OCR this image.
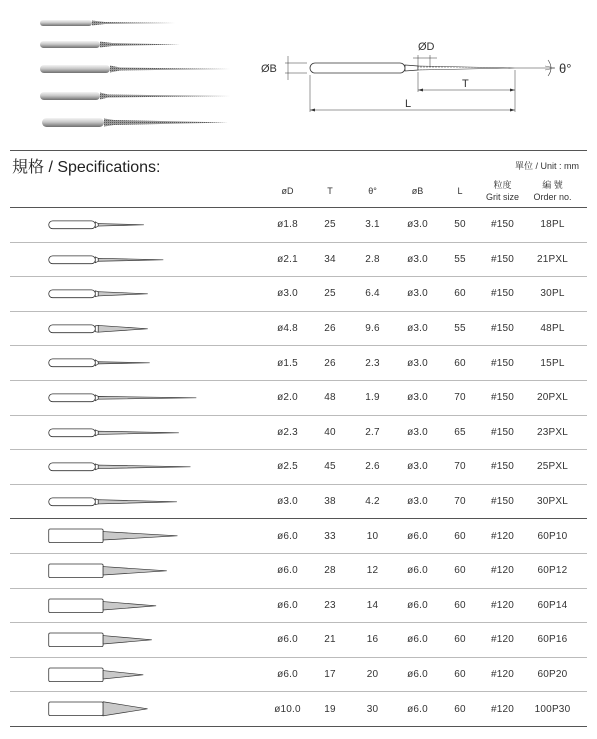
ØB
ØD
θ°
T
L
規格 / Specifications:	單位 / Unit : mm
øD	T	θ°	øB	L
粒度
Grit size
編 號
Order no.
ø1.8	25	3.1	ø3.0	50	#150	18PL
ø2.1	34	2.8	ø3.0	55	#150	21PXL
ø3.0	25	6.4	ø3.0	60	#150	30PL
ø4.8	26	9.6	ø3.0	55	#150	48PL
ø1.5	26	2.3	ø3.0	60	#150	15PL
ø2.0	48	1.9	ø3.0	70	#150	20PXL
ø2.3	40	2.7	ø3.0	65	#150	23PXL
ø2.5	45	2.6	ø3.0	70	#150	25PXL
ø3.0	38	4.2	ø3.0	70	#150	30PXL
ø6.0	33	10	ø6.0	60	#120	60P10
ø6.0	28	12	ø6.0	60	#120	60P12
ø6.0	23	14	ø6.0	60	#120	60P14
ø6.0	21	16	ø6.0	60	#120	60P16
ø6.0	17	20	ø6.0	60	#120	60P20
ø10.0	19	30	ø6.0	60	#120	100P30
